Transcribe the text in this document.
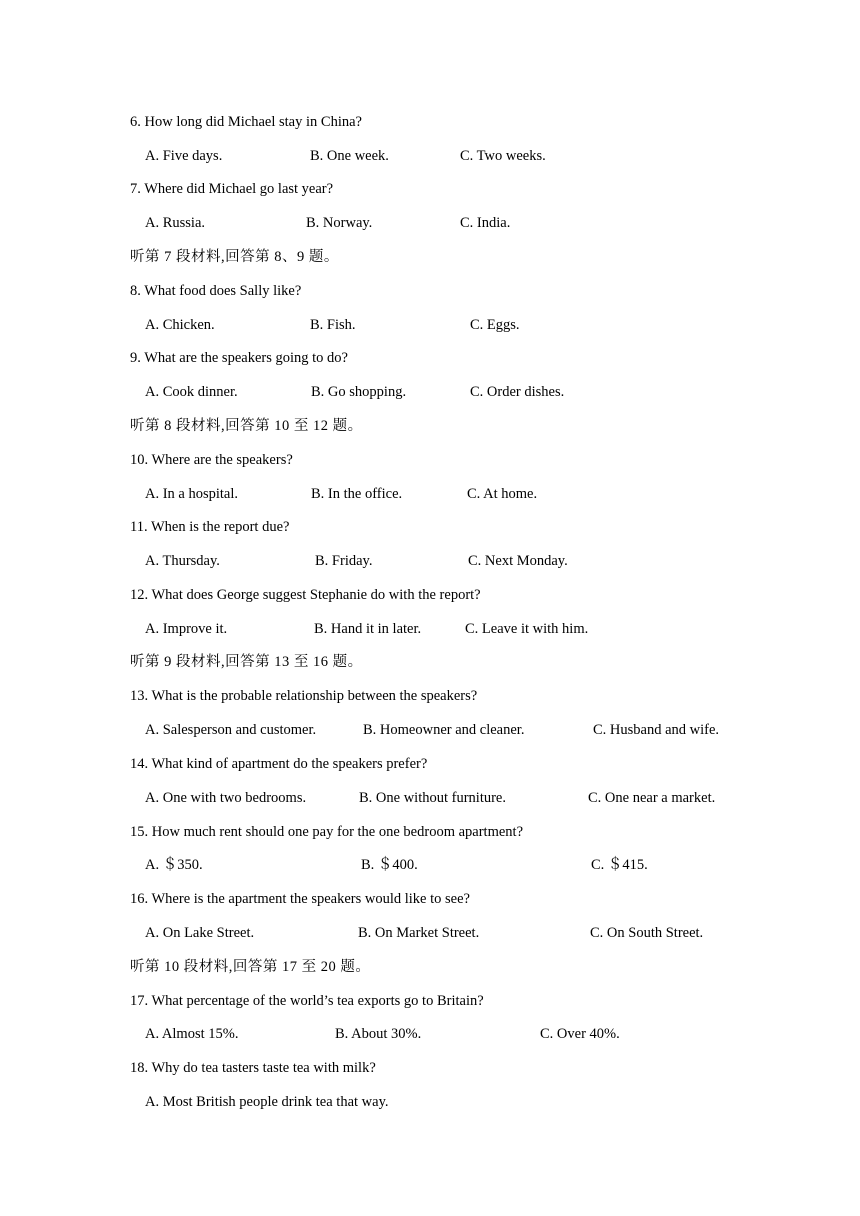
6. How long did Michael stay in China?
A. Five days.	B. One week.	C. Two weeks.
7. Where did Michael go last year?
A. Russia.	B. Norway.	C. India.
听第 7 段材料,回答第 8、9 题。
8. What food does Sally like?
A. Chicken.	B. Fish.	C. Eggs.
9. What are the speakers going to do?
A. Cook dinner.	B. Go shopping.	C. Order dishes.
听第 8 段材料,回答第 10 至 12 题。
10. Where are the speakers?
A. In a hospital.	B. In the office.	C. At home.
11. When is the report due?
A. Thursday.	B. Friday.	C. Next Monday.
12. What does George suggest Stephanie do with the report?
A. Improve it.	B. Hand it in later.	C. Leave it with him.
听第 9 段材料,回答第 13 至 16 题。
13. What is the probable relationship between the speakers?
A. Salesperson and customer.	B. Homeowner and cleaner.	C. Husband and wife.
14. What kind of apartment do the speakers prefer?
A. One with two bedrooms.	B. One without furniture.	C. One near a market.
15. How much rent should one pay for the one bedroom apartment?
A. ＄350.	B. ＄400.	C. ＄415.
16. Where is the apartment the speakers would like to see?
A. On Lake Street.	B. On Market Street.	C. On South Street.
听第 10 段材料,回答第 17 至 20 题。
17. What percentage of the world’s tea exports go to Britain?
A. Almost 15%.	B. About 30%.	C. Over 40%.
18. Why do tea tasters taste tea with milk?
A. Most British people drink tea that way.
